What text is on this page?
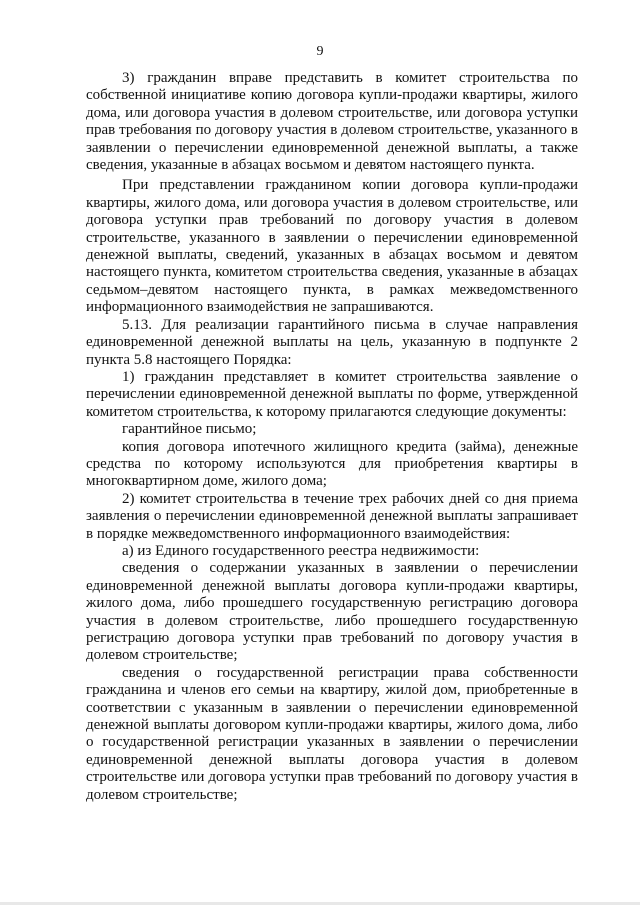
9

3) гражданин вправе представить в комитет строительства по собственной инициативе копию договора купли-продажи квартиры, жилого дома, или договора участия в долевом строительстве, или договора уступки прав требования по договору участия в долевом строительстве, указанного в заявлении о перечислении единовременной денежной выплаты, а также сведения, указанные в абзацах восьмом и девятом настоящего пункта.

При представлении гражданином копии договора купли-продажи квартиры, жилого дома, или договора участия в долевом строительстве, или договора уступки прав требований по договору участия в долевом строительстве, указанного в заявлении о перечислении единовременной денежной выплаты, сведений, указанных в абзацах восьмом и девятом настоящего пункта, комитетом строительства сведения, указанные в абзацах седьмом–девятом настоящего пункта, в рамках межведомственного информационного взаимодействия не запрашиваются.

5.13. Для реализации гарантийного письма в случае направления единовременной денежной выплаты на цель, указанную в подпункте 2 пункта 5.8 настоящего Порядка:

1) гражданин представляет в комитет строительства заявление о перечислении единовременной денежной выплаты по форме, утвержденной комитетом строительства, к которому прилагаются следующие документы:

гарантийное письмо;

копия договора ипотечного жилищного кредита (займа), денежные средства по которому используются для приобретения квартиры в многоквартирном доме, жилого дома;

2) комитет строительства в течение трех рабочих дней со дня приема заявления о перечислении единовременной денежной выплаты запрашивает в порядке межведомственного информационного взаимодействия:

а) из Единого государственного реестра недвижимости:

сведения о содержании указанных в заявлении о перечислении единовременной денежной выплаты договора купли-продажи квартиры, жилого дома, либо прошедшего государственную регистрацию договора участия в долевом строительстве, либо прошедшего государственную регистрацию договора уступки прав требований по договору участия в долевом строительстве;

сведения о государственной регистрации права собственности гражданина и членов его семьи на квартиру, жилой дом, приобретенные в соответствии с указанным в заявлении о перечислении единовременной денежной выплаты договором купли-продажи квартиры, жилого дома, либо о государственной регистрации указанных в заявлении о перечислении единовременной денежной выплаты договора участия в долевом строительстве или договора уступки прав требований по договору участия в долевом строительстве;
